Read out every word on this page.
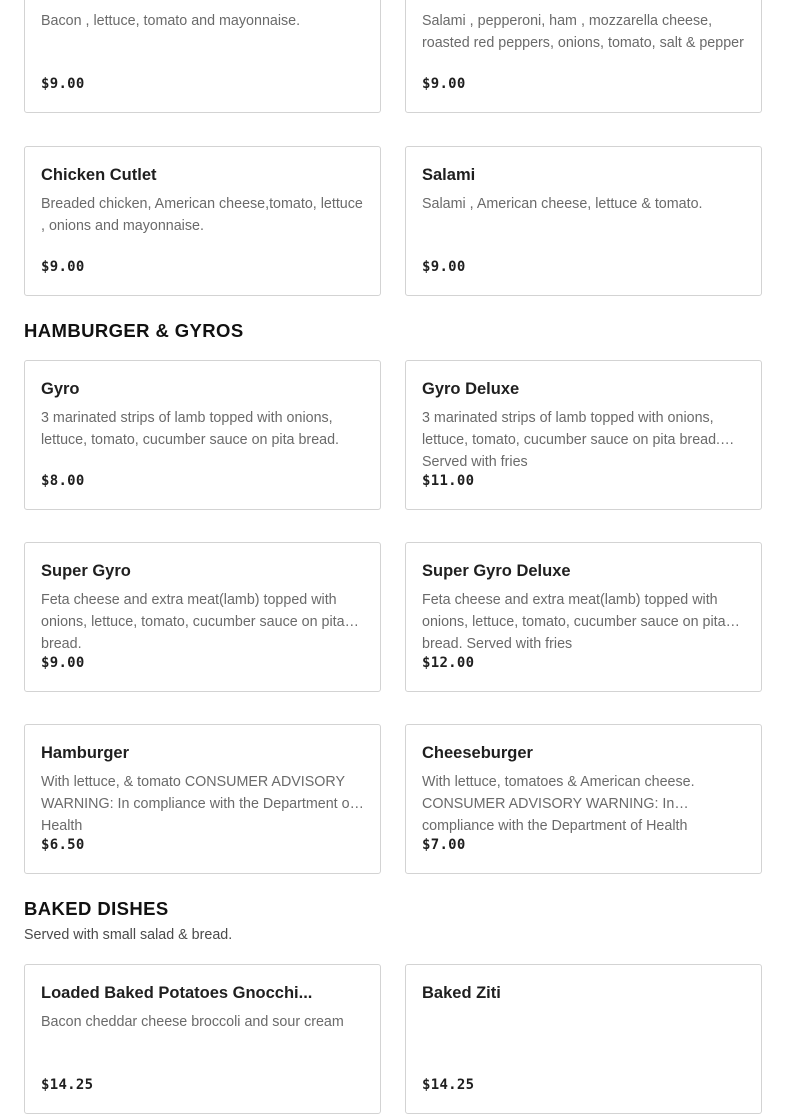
Bacon , lettuce, tomato and mayonnaise.
$9.00
Salami , pepperoni, ham , mozzarella cheese, roasted red peppers, onions, tomato, salt & pepper
$9.00
Chicken Cutlet
Breaded chicken, American cheese,tomato, lettuce , onions and mayonnaise.
$9.00
Salami
Salami , American cheese, lettuce & tomato.
$9.00
HAMBURGER & GYROS
Gyro
3 marinated strips of lamb topped with onions, lettuce, tomato, cucumber sauce on pita bread.
$8.00
Gyro Deluxe
3 marinated strips of lamb topped with onions, lettuce, tomato, cucumber sauce on pita bread. Served with fries
$11.00
Super Gyro
Feta cheese and extra meat(lamb) topped with onions, lettuce, tomato, cucumber sauce on pita bread.
$9.00
Super Gyro Deluxe
Feta cheese and extra meat(lamb) topped with onions, lettuce, tomato, cucumber sauce on pita bread. Served with fries
$12.00
Hamburger
With lettuce, & tomato CONSUMER ADVISORY WARNING: In compliance with the Department of Health
$6.50
Cheeseburger
With lettuce, tomatoes & American cheese. CONSUMER ADVISORY WARNING: In compliance with the Department of Health
$7.00
BAKED DISHES
Served with small salad & bread.
Loaded Baked Potatoes Gnocchi...
Bacon cheddar cheese broccoli and sour cream
$14.25
Baked Ziti
$14.25
